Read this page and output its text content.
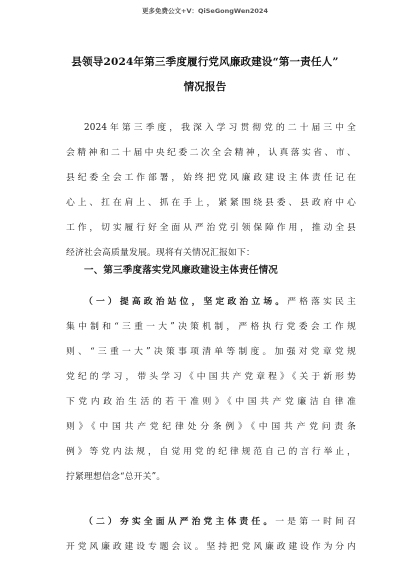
更多免费公文+V：QiSeGongWen2024
县领导2024年第三季度履行党风廉政建设“第一责任人”
情况报告
2024年第三季度，我深入学习贯彻党的二十届三中全
会精神和二十届中央纪委二次全会精神，认真落实省、市、
县纪委全会工作部署，始终把党风廉政建设主体责任记在
心上、扛在肩上、抓在手上，紧紧围绕县委、县政府中心
工作，切实履行好全面从严治党引领保障作用，推动全县
经济社会高质量发展。现将有关情况汇报如下：
一、第三季度落实党风廉政建设主体责任情况
（一）提高政治站位，坚定政治立场。严格落实民主
集中制和“三重一大”决策机制，严格执行党委会工作规
则、“三重一大”决策事项清单等制度。加强对党章党规
党纪的学习，带头学习《中国共产党章程》《关于新形势
下党内政治生活的若干准则》《中国共产党廉洁自律准
则》《中国共产党纪律处分条例》《中国共产党问责条
例》等党内法规，自觉用党的纪律规范自己的言行举止，
拧紧理想信念“总开关”。
（二）夯实全面从严治党主体责任。一是第一时间召
开党风廉政建设专题会议。坚持把党风廉政建设作为分内
